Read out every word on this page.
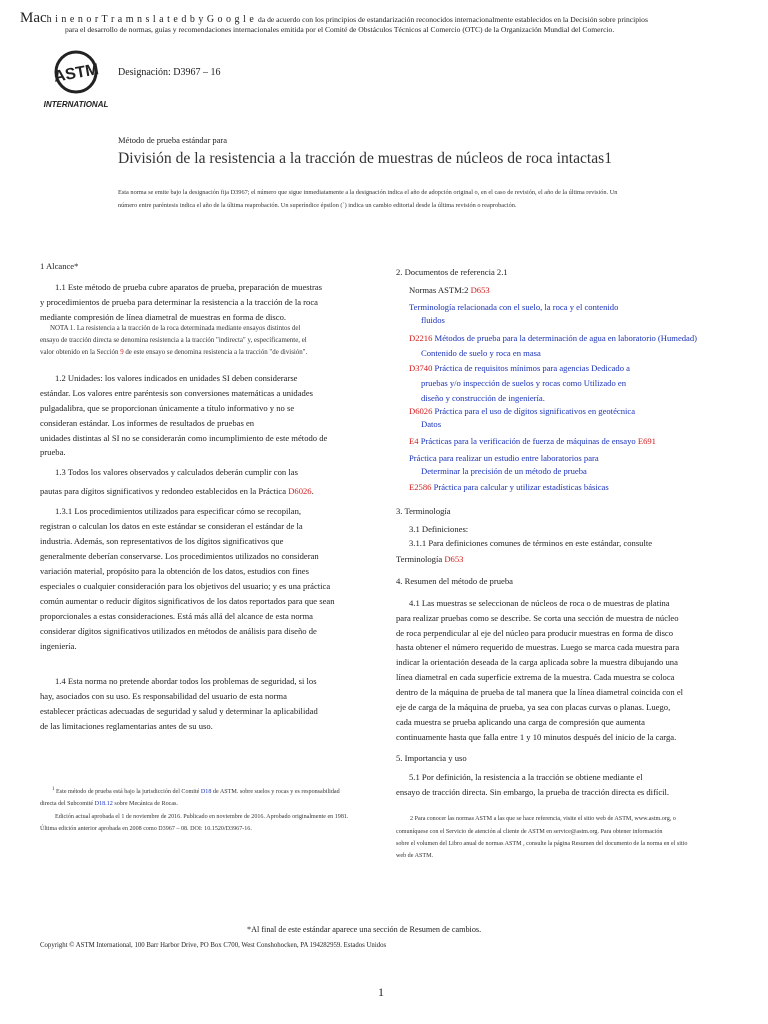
Mach i n e n o r T r a m n s l a t e d b y G o o g l e da de acuerdo con los principios de estandarización reconocidos internacionalmente establecidos en la Decisión sobre principios
para el desarrollo de normas, guías y recomendaciones internacionales emitida por el Comité de Obstáculos Técnicos al Comercio (OTC) de la Organización Mundial del Comercio.
ASTM
INTERNATIONAL
Designación: D3967 – 16
Método de prueba estándar para
División de la resistencia a la tracción de muestras de núcleos de roca intactas1
Esta norma se emite bajo la designación fija D3967; el número que sigue inmediatamente a la designación indica el año de adopción original o, en el caso de revisión, el año de la última revisión. Un
número entre paréntesis indica el año de la última reaprobación. Un superíndice épsilon (´) indica un cambio editorial desde la última revisión o reaprobación.
1 Alcance*
1.1 Este método de prueba cubre aparatos de prueba, preparación de muestras
y procedimientos de prueba para determinar la resistencia a la tracción de la roca
mediante compresión de línea diametral de muestras en forma de disco.
NOTA 1. La resistencia a la tracción de la roca determinada mediante ensayos distintos del
ensayo de tracción directa se denomina resistencia a la tracción "indirecta" y, específicamente, el
valor obtenido en la Sección 9 de este ensayo se denomina resistencia a la tracción "de división".
1.2 Unidades: los valores indicados en unidades SI deben considerarse
estándar. Los valores entre paréntesis son conversiones matemáticas a unidades
pulgadalibra, que se proporcionan únicamente a título informativo y no se
consideran estándar. Los informes de resultados de pruebas en
unidades distintas al SI no se considerarán como incumplimiento de este método de
prueba.
1.3 Todos los valores observados y calculados deberán cumplir con las
pautas para dígitos significativos y redondeo establecidos en la Práctica D6026.
1.3.1 Los procedimientos utilizados para especificar cómo se recopilan,
registran o calculan los datos en este estándar se consideran el estándar de la
industria. Además, son representativos de los dígitos significativos que
generalmente deberían conservarse. Los procedimientos utilizados no consideran
variación material, propósito para la obtención de los datos, estudios con fines
especiales o cualquier consideración para los objetivos del usuario; y es una práctica
común aumentar o reducir dígitos significativos de los datos reportados para que sean
proporcionales a estas consideraciones. Está más allá del alcance de esta norma
considerar dígitos significativos utilizados en métodos de análisis para diseño de
ingeniería.
1.4 Esta norma no pretende abordar todos los problemas de seguridad, si los
hay, asociados con su uso. Es responsabilidad del usuario de esta norma
establecer prácticas adecuadas de seguridad y salud y determinar la aplicabilidad
de las limitaciones reglamentarias antes de su uso.
$^1$ Este método de prueba está bajo la jurisdicción del Comité D18 de ASTM. sobre suelos y rocas y es responsabilidad
directa del Subcomité D18.12 sobre Mecánica de Rocas.
Edición actual aprobada el 1 de noviembre de 2016. Publicado en noviembre de 2016. Aprobado originalmente en 1981.
Última edición anterior aprobada en 2008 como D3967 – 08. DOI: 10.1520/D3967-16.
2. Documentos de referencia 2.1
Normas ASTM:2 D653
Terminología relacionada con el suelo, la roca y el contenido
fluidos
D2216 Métodos de prueba para la determinación de agua en laboratorio (Humedad)
Contenido de suelo y roca en masa
D3740 Práctica de requisitos mínimos para agencias Dedicado a
pruebas y/o inspección de suelos y rocas como Utilizado en
diseño y construcción de ingeniería.
D6026 Práctica para el uso de dígitos significativos en geotécnica
Datos
E4 Prácticas para la verificación de fuerza de máquinas de ensayo E691
Práctica para realizar un estudio entre laboratorios para
Determinar la precisión de un método de prueba
E2586 Práctica para calcular y utilizar estadísticas básicas
3. Terminología
3.1 Definiciones:
3.1.1 Para definiciones comunes de términos en este estándar, consulte
Terminología D653
4. Resumen del método de prueba
4.1 Las muestras se seleccionan de núcleos de roca o de muestras de platina
para realizar pruebas como se describe. Se corta una sección de muestra de núcleo
de roca perpendicular al eje del núcleo para producir muestras en forma de disco
hasta obtener el número requerido de muestras. Luego se marca cada muestra para
indicar la orientación deseada de la carga aplicada sobre la muestra dibujando una
línea diametral en cada superficie extrema de la muestra. Cada muestra se coloca
dentro de la máquina de prueba de tal manera que la línea diametral coincida con el
eje de carga de la máquina de prueba, ya sea con placas curvas o planas. Luego,
cada muestra se prueba aplicando una carga de compresión que aumenta
continuamente hasta que falla entre 1 y 10 minutos después del inicio de la carga.
5. Importancia y uso
5.1 Por definición, la resistencia a la tracción se obtiene mediante el
ensayo de tracción directa. Sin embargo, la prueba de tracción directa es difícil.
2 Para conocer las normas ASTM a las que se hace referencia, visite el sitio web de ASTM, www.astm.org, o
comuníquese con el Servicio de atención al cliente de ASTM en service@astm.org. Para obtener información
sobre el volumen del Libro anual de normas ASTM , consulte la página Resumen del documento de la norma en el sitio
web de ASTM.
*Al final de este estándar aparece una sección de Resumen de cambios.
Copyright © ASTM International, 100 Barr Harbor Drive, PO Box C700, West Conshohocken, PA 194282959. Estados Unidos
1
